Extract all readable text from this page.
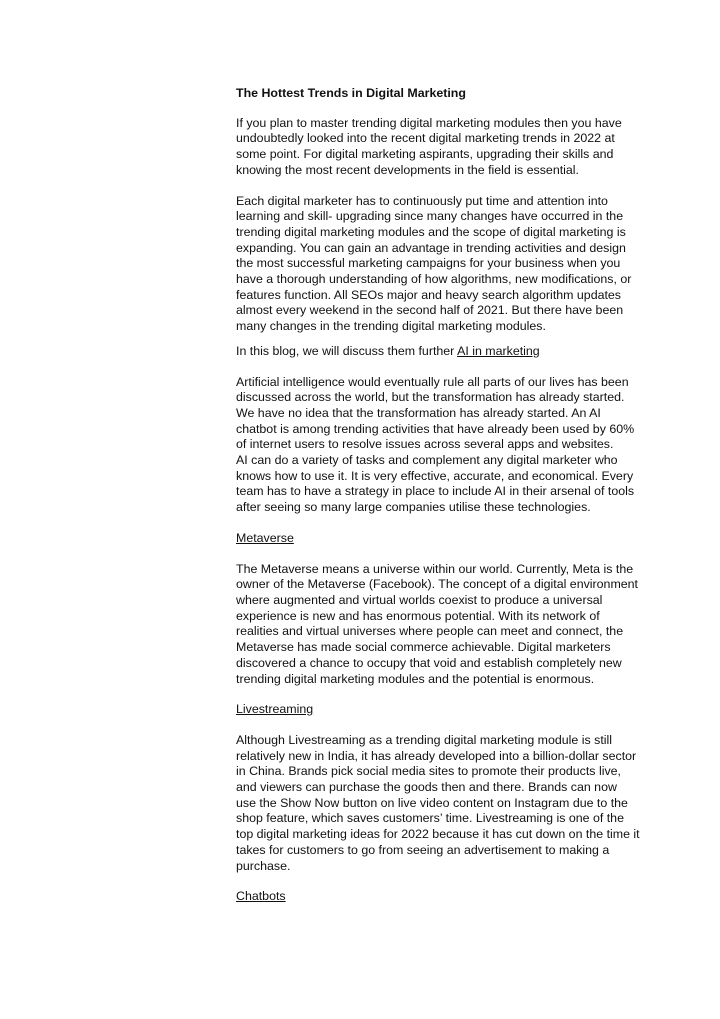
The Hottest Trends in Digital Marketing

If you plan to master trending digital marketing modules then you have undoubtedly looked into the recent digital marketing trends in 2022 at some point. For digital marketing aspirants, upgrading their skills and knowing the most recent developments in the field is essential.

Each digital marketer has to continuously put time and attention into learning and skill- upgrading since many changes have occurred in the trending digital marketing modules and the scope of digital marketing is expanding. You can gain an advantage in trending activities and design the most successful marketing campaigns for your business when you have a thorough understanding of how algorithms, new modifications, or features function. All SEOs major and heavy search algorithm updates almost every weekend in the second half of 2021. But there have been many changes in the trending digital marketing modules.

In this blog, we will discuss them further AI in marketing

Artificial intelligence would eventually rule all parts of our lives has been discussed across the world, but the transformation has already started. We have no idea that the transformation has already started. An AI chatbot is among trending activities that have already been used by 60% of internet users to resolve issues across several apps and websites.

AI can do a variety of tasks and complement any digital marketer who knows how to use it. It is very effective, accurate, and economical. Every team has to have a strategy in place to include AI in their arsenal of tools after seeing so many large companies utilise these technologies.

Metaverse

The Metaverse means a universe within our world. Currently, Meta is the owner of the Metaverse (Facebook). The concept of a digital environment where augmented and virtual worlds coexist to produce a universal experience is new and has enormous potential. With its network of realities and virtual universes where people can meet and connect, the Metaverse has made social commerce achievable. Digital marketers discovered a chance to occupy that void and establish completely new trending digital marketing modules and the potential is enormous.

Livestreaming

Although Livestreaming as a trending digital marketing module is still relatively new in India, it has already developed into a billion-dollar sector in China. Brands pick social media sites to promote their products live, and viewers can purchase the goods then and there. Brands can now use the Show Now button on live video content on Instagram due to the shop feature, which saves customers’ time. Livestreaming is one of the top digital marketing ideas for 2022 because it has cut down on the time it takes for customers to go from seeing an advertisement to making a purchase.

Chatbots
